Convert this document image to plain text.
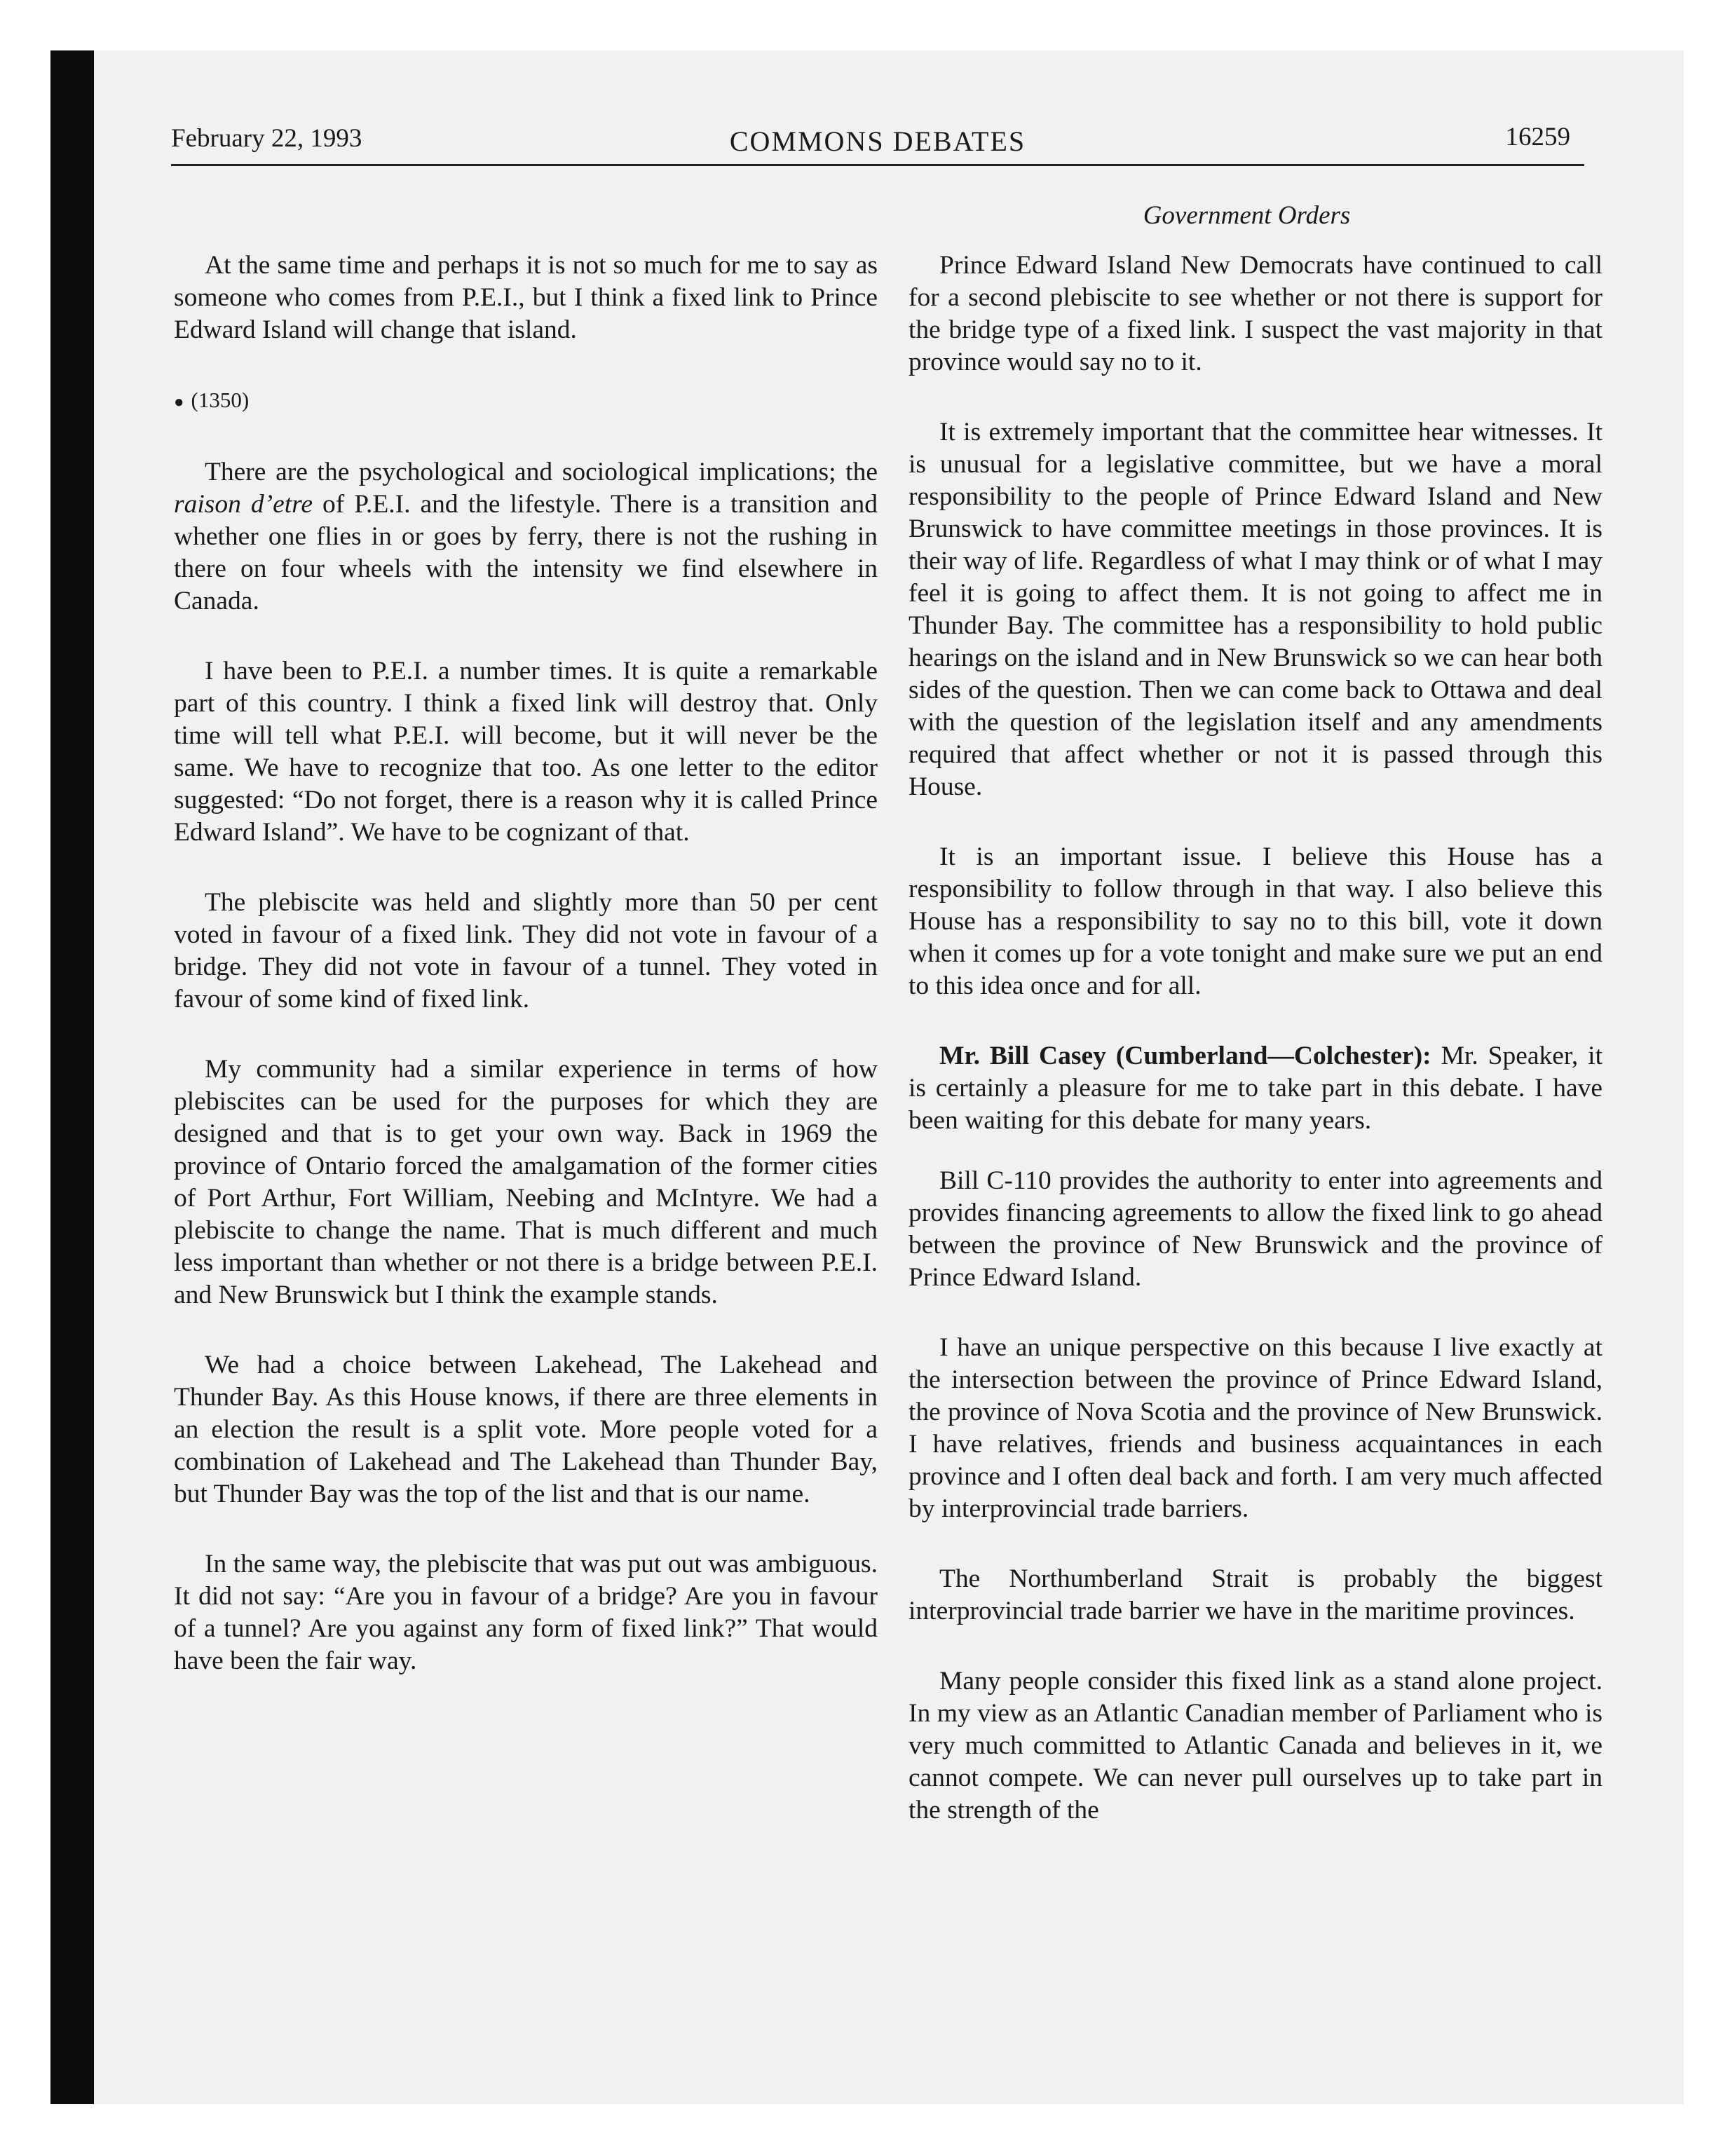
February 22, 1993	COMMONS DEBATES	16259
Government Orders

At the same time and perhaps it is not so much for me to say as someone who comes from P.E.I., but I think a fixed link to Prince Edward Island will change that island.

● (1350)

There are the psychological and sociological implications; the raison d’etre of P.E.I. and the lifestyle. There is a transition and whether one flies in or goes by ferry, there is not the rushing in there on four wheels with the intensity we find elsewhere in Canada.

I have been to P.E.I. a number times. It is quite a remarkable part of this country. I think a fixed link will destroy that. Only time will tell what P.E.I. will become, but it will never be the same. We have to recognize that too. As one letter to the editor suggested: “Do not forget, there is a reason why it is called Prince Edward Island”. We have to be cognizant of that.

The plebiscite was held and slightly more than 50 per cent voted in favour of a fixed link. They did not vote in favour of a bridge. They did not vote in favour of a tunnel. They voted in favour of some kind of fixed link.

My community had a similar experience in terms of how plebiscites can be used for the purposes for which they are designed and that is to get your own way. Back in 1969 the province of Ontario forced the amalgamation of the former cities of Port Arthur, Fort William, Neebing and McIntyre. We had a plebiscite to change the name. That is much different and much less important than whether or not there is a bridge between P.E.I. and New Brunswick but I think the example stands.

We had a choice between Lakehead, The Lakehead and Thunder Bay. As this House knows, if there are three elements in an election the result is a split vote. More people voted for a combination of Lakehead and The Lakehead than Thunder Bay, but Thunder Bay was the top of the list and that is our name.

In the same way, the plebiscite that was put out was ambiguous. It did not say: “Are you in favour of a bridge? Are you in favour of a tunnel? Are you against any form of fixed link?” That would have been the fair way.

Prince Edward Island New Democrats have continued to call for a second plebiscite to see whether or not there is support for the bridge type of a fixed link. I suspect the vast majority in that province would say no to it.

It is extremely important that the committee hear witnesses. It is unusual for a legislative committee, but we have a moral responsibility to the people of Prince Edward Island and New Brunswick to have committee meetings in those provinces. It is their way of life. Regardless of what I may think or of what I may feel it is going to affect them. It is not going to affect me in Thunder Bay. The committee has a responsibility to hold public hearings on the island and in New Brunswick so we can hear both sides of the question. Then we can come back to Ottawa and deal with the question of the legislation itself and any amendments required that affect whether or not it is passed through this House.

It is an important issue. I believe this House has a responsibility to follow through in that way. I also believe this House has a responsibility to say no to this bill, vote it down when it comes up for a vote tonight and make sure we put an end to this idea once and for all.

Mr. Bill Casey (Cumberland—Colchester): Mr. Speaker, it is certainly a pleasure for me to take part in this debate. I have been waiting for this debate for many years.

Bill C-110 provides the authority to enter into agreements and provides financing agreements to allow the fixed link to go ahead between the province of New Brunswick and the province of Prince Edward Island.

I have an unique perspective on this because I live exactly at the intersection between the province of Prince Edward Island, the province of Nova Scotia and the province of New Brunswick. I have relatives, friends and business acquaintances in each province and I often deal back and forth. I am very much affected by interprovincial trade barriers.

The Northumberland Strait is probably the biggest interprovincial trade barrier we have in the maritime provinces.

Many people consider this fixed link as a stand alone project. In my view as an Atlantic Canadian member of Parliament who is very much committed to Atlantic Canada and believes in it, we cannot compete. We can never pull ourselves up to take part in the strength of the
